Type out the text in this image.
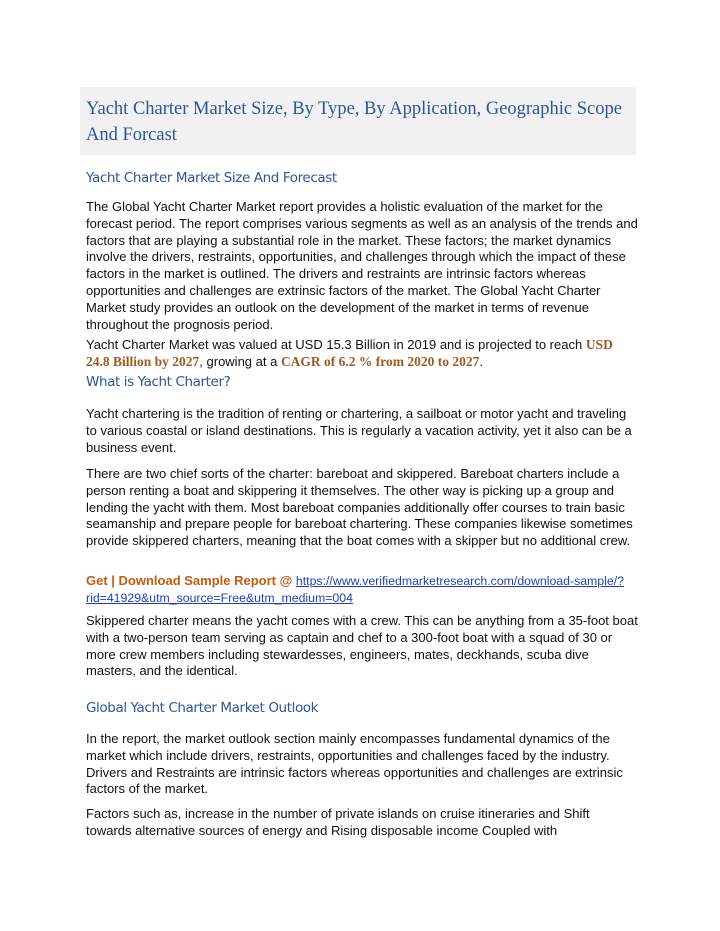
Yacht Charter Market Size, By Type, By Application, Geographic Scope And Forcast
Yacht Charter Market Size And Forecast

The Global Yacht Charter Market report provides a holistic evaluation of the market for the forecast period. The report comprises various segments as well as an analysis of the trends and factors that are playing a substantial role in the market. These factors; the market dynamics involve the drivers, restraints, opportunities, and challenges through which the impact of these factors in the market is outlined. The drivers and restraints are intrinsic factors whereas opportunities and challenges are extrinsic factors of the market. The Global Yacht Charter Market study provides an outlook on the development of the market in terms of revenue throughout the prognosis period.

Yacht Charter Market was valued at USD 15.3 Billion in 2019 and is projected to reach USD 24.8 Billion by 2027, growing at a CAGR of 6.2 % from 2020 to 2027.

What is Yacht Charter?

Yacht chartering is the tradition of renting or chartering, a sailboat or motor yacht and traveling to various coastal or island destinations. This is regularly a vacation activity, yet it also can be a business event.

There are two chief sorts of the charter: bareboat and skippered. Bareboat charters include a person renting a boat and skippering it themselves. The other way is picking up a group and lending the yacht with them. Most bareboat companies additionally offer courses to train basic seamanship and prepare people for bareboat chartering. These companies likewise sometimes provide skippered charters, meaning that the boat comes with a skipper but no additional crew.

Get | Download Sample Report @ https://www.verifiedmarketresearch.com/download-sample/?rid=41929&utm_source=Free&utm_medium=004

Skippered charter means the yacht comes with a crew. This can be anything from a 35-foot boat with a two-person team serving as captain and chef to a 300-foot boat with a squad of 30 or more crew members including stewardesses, engineers, mates, deckhands, scuba dive masters, and the identical.

Global Yacht Charter Market Outlook

In the report, the market outlook section mainly encompasses fundamental dynamics of the market which include drivers, restraints, opportunities and challenges faced by the industry. Drivers and Restraints are intrinsic factors whereas opportunities and challenges are extrinsic factors of the market.

Factors such as, increase in the number of private islands on cruise itineraries and Shift towards alternative sources of energy and Rising disposable income Coupled with
